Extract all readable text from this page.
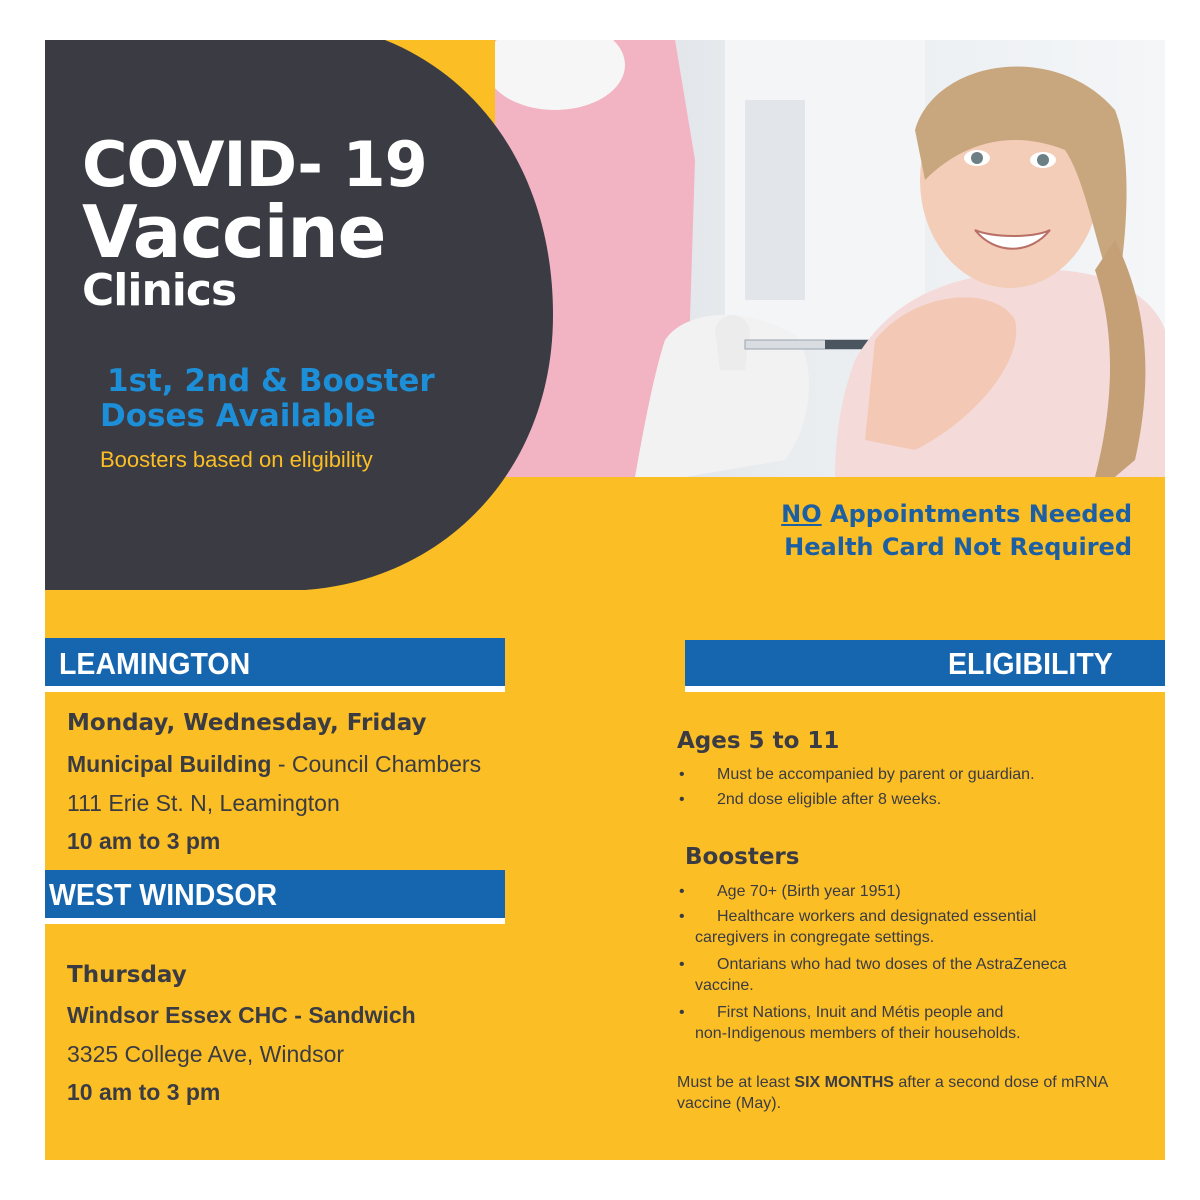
COVID- 19
Vaccine
Clinics
1st, 2nd & Booster
Doses Available
Boosters based on eligibility
NO Appointments Needed
Health Card Not Required
LEAMINGTON
Monday, Wednesday, Friday
Municipal Building - Council Chambers
111 Erie St. N, Leamington
10 am to 3 pm
WEST WINDSOR
Thursday
Windsor Essex CHC - Sandwich
3325 College Ave, Windsor
10 am to 3 pm
ELIGIBILITY
Ages 5 to 11
• Must be accompanied by parent or guardian.
• 2nd dose eligible after 8 weeks.
Boosters
• Age 70+ (Birth year 1951)
• Healthcare workers and designated essential
caregivers in congregate settings.
• Ontarians who had two doses of the AstraZeneca
vaccine.
• First Nations, Inuit and Métis people and
non-Indigenous members of their households.
Must be at least SIX MONTHS after a second dose of mRNA vaccine (May).
